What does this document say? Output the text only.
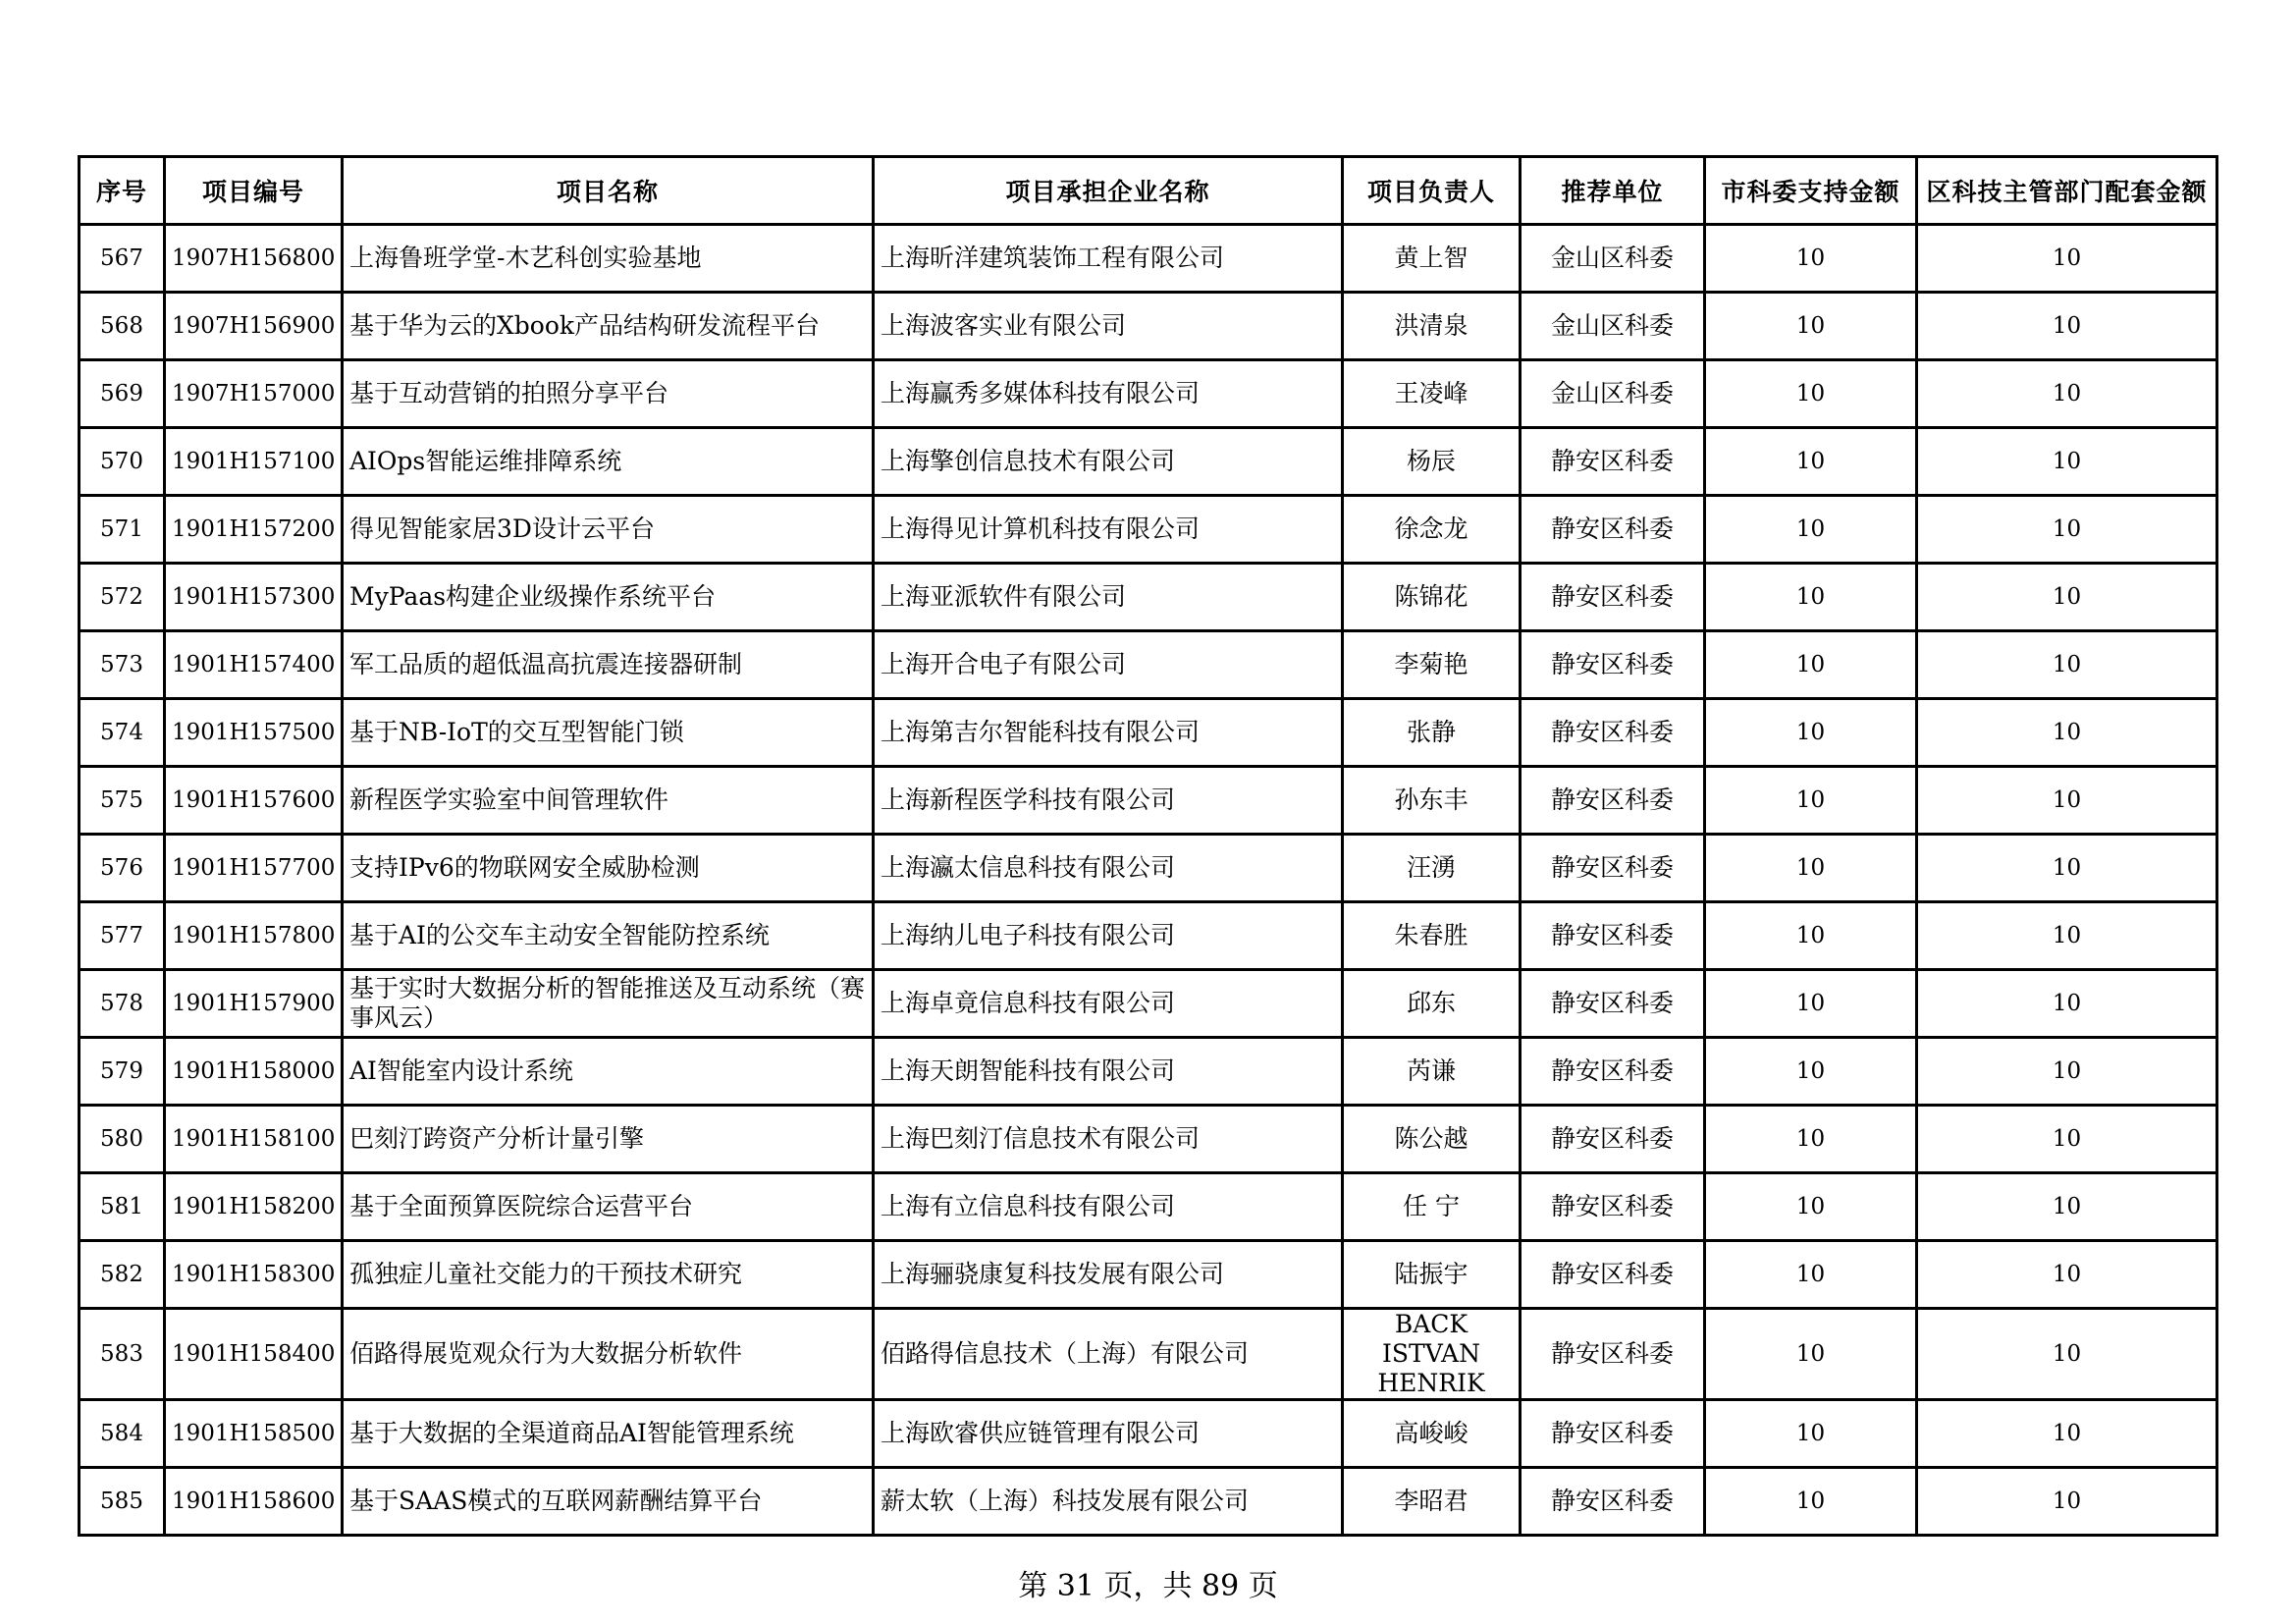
序号	项目编号	项目名称	项目承担企业名称	项目负责人	推荐单位	市科委支持金额	区科技主管部门配套金额
567	1907H156800	上海鲁班学堂-木艺科创实验基地	上海昕洋建筑装饰工程有限公司	黄上智	金山区科委	10	10
568	1907H156900	基于华为云的Xbook产品结构研发流程平台	上海波客实业有限公司	洪清泉	金山区科委	10	10
569	1907H157000	基于互动营销的拍照分享平台	上海赢秀多媒体科技有限公司	王凌峰	金山区科委	10	10
570	1901H157100	AIOps智能运维排障系统	上海擎创信息技术有限公司	杨辰	静安区科委	10	10
571	1901H157200	得见智能家居3D设计云平台	上海得见计算机科技有限公司	徐念龙	静安区科委	10	10
572	1901H157300	MyPaas构建企业级操作系统平台	上海亚派软件有限公司	陈锦花	静安区科委	10	10
573	1901H157400	军工品质的超低温高抗震连接器研制	上海开合电子有限公司	李菊艳	静安区科委	10	10
574	1901H157500	基于NB-IoT的交互型智能门锁	上海第吉尔智能科技有限公司	张静	静安区科委	10	10
575	1901H157600	新程医学实验室中间管理软件	上海新程医学科技有限公司	孙东丰	静安区科委	10	10
576	1901H157700	支持IPv6的物联网安全威胁检测	上海瀛太信息科技有限公司	汪湧	静安区科委	10	10
577	1901H157800	基于AI的公交车主动安全智能防控系统	上海纳儿电子科技有限公司	朱春胜	静安区科委	10	10
578	1901H157900	基于实时大数据分析的智能推送及互动系统（赛事风云）	上海卓竟信息科技有限公司	邱东	静安区科委	10	10
579	1901H158000	AI智能室内设计系统	上海天朗智能科技有限公司	芮谦	静安区科委	10	10
580	1901H158100	巴刻汀跨资产分析计量引擎	上海巴刻汀信息技术有限公司	陈公越	静安区科委	10	10
581	1901H158200	基于全面预算医院综合运营平台	上海有立信息科技有限公司	任 宁	静安区科委	10	10
582	1901H158300	孤独症儿童社交能力的干预技术研究	上海骊骁康复科技发展有限公司	陆振宇	静安区科委	10	10
583	1901H158400	佰路得展览观众行为大数据分析软件	佰路得信息技术（上海）有限公司	BACK ISTVAN HENRIK	静安区科委	10	10
584	1901H158500	基于大数据的全渠道商品AI智能管理系统	上海欧睿供应链管理有限公司	高峻峻	静安区科委	10	10
585	1901H158600	基于SAAS模式的互联网薪酬结算平台	薪太软（上海）科技发展有限公司	李昭君	静安区科委	10	10
第 31 页，共 89 页
